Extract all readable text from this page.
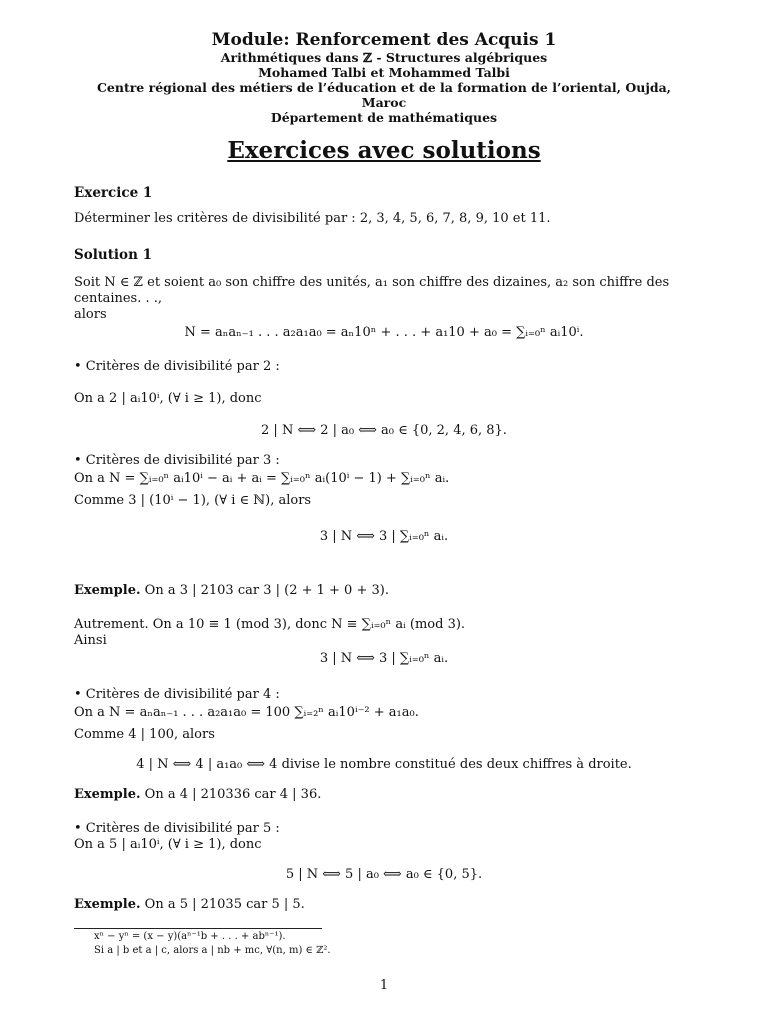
Module: Renforcement des Acquis 1
Arithmétiques dans ℤ - Structures algébriques
Mohamed Talbi et Mohammed Talbi
Centre régional des métiers de l’éducation et de la formation de l’oriental, Oujda, Maroc
Département de mathématiques
Exercices avec solutions
Exercice 1

Déterminer les critères de divisibilité par : 2, 3, 4, 5, 6, 7, 8, 9, 10 et 11.

Solution 1

Soit N ∈ ℤ et soient a₀ son chiffre des unités, a₁ son chiffre des dizaines, a₂ son chiffre des centaines. . .,

alors

N = aₙaₙ₋₁ . . . a₂a₁a₀ = aₙ10ⁿ + . . . + a₁10 + a₀ = ∑ᵢ₌₀ⁿ aᵢ10ⁱ.

• Critères de divisibilité par 2 :

On a 2 | aᵢ10ⁱ, (∀ i ≥ 1), donc

2 | N ⟺ 2 | a₀ ⟺ a₀ ∈ {0, 2, 4, 6, 8}.

• Critères de divisibilité par 3 :

On a N = ∑ᵢ₌₀ⁿ aᵢ10ⁱ − aᵢ + aᵢ = ∑ᵢ₌₀ⁿ aᵢ(10ⁱ − 1) + ∑ᵢ₌₀ⁿ aᵢ.

Comme 3 | (10ⁱ − 1), (∀ i ∈ ℕ), alors

3 | N ⟺ 3 | ∑ᵢ₌₀ⁿ aᵢ.

Exemple. On a 3 | 2103 car 3 | (2 + 1 + 0 + 3).

Autrement. On a 10 ≡ 1 (mod 3), donc N ≡ ∑ᵢ₌₀ⁿ aᵢ (mod 3).

Ainsi

3 | N ⟺ 3 | ∑ᵢ₌₀ⁿ aᵢ.

• Critères de divisibilité par 4 :

On a N = aₙaₙ₋₁ . . . a₂a₁a₀ = 100 ∑ᵢ₌₂ⁿ aᵢ10ⁱ⁻² + a₁a₀.

Comme 4 | 100, alors

4 | N ⟺ 4 | a₁a₀ ⟺ 4 divise le nombre constitué des deux chiffres à droite.

Exemple. On a 4 | 210336 car 4 | 36.

• Critères de divisibilité par 5 :

On a 5 | aᵢ10ⁱ, (∀ i ≥ 1), donc

5 | N ⟺ 5 | a₀ ⟺ a₀ ∈ {0, 5}.

Exemple. On a 5 | 21035 car 5 | 5.

xⁿ − yⁿ = (x − y)(aⁿ⁻¹b + . . . + abⁿ⁻¹).
Si a | b et a | c, alors a | nb + mc, ∀(n, m) ∈ ℤ².
1
